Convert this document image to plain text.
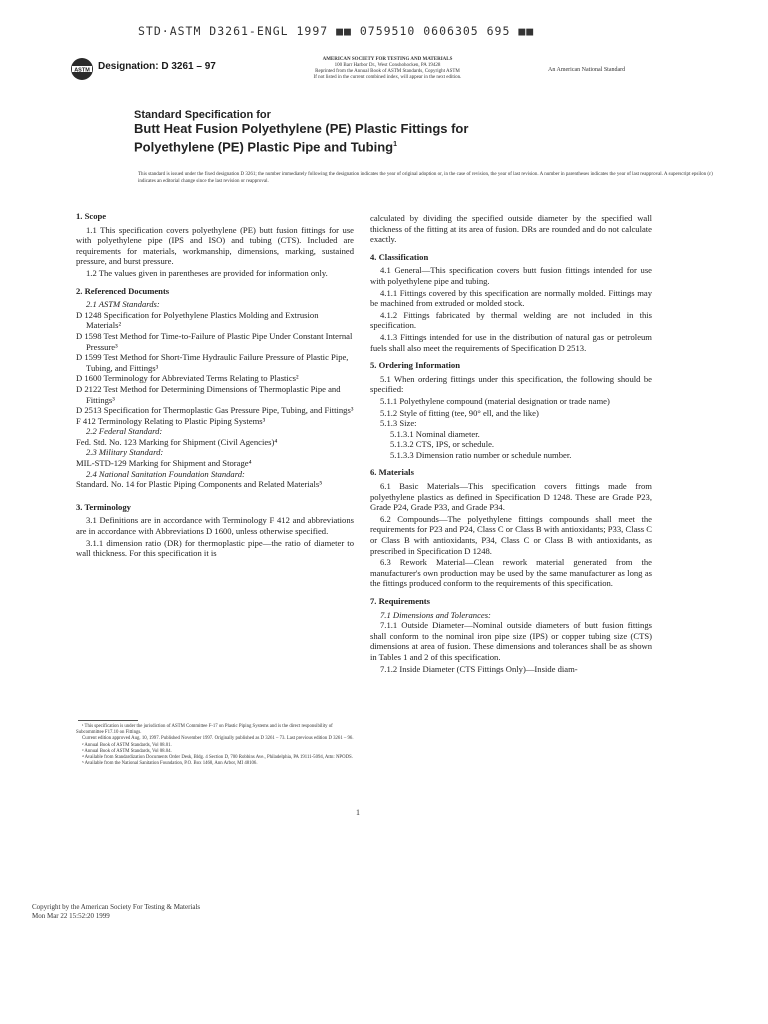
STD·ASTM D3261-ENGL 1997 ■■ 0759510 0606305 695 ■■
ASTM Designation: D 3261 – 97
AMERICAN SOCIETY FOR TESTING AND MATERIALS
100 Barr Harbor Dr., West Conshohocken, PA 19428
Reprinted from the Annual Book of ASTM Standards, Copyright ASTM
If not listed in the current combined index, will appear in the next edition.
An American National Standard
Standard Specification for
Butt Heat Fusion Polyethylene (PE) Plastic Fittings for
Polyethylene (PE) Plastic Pipe and Tubing$^1$
This standard is issued under the fixed designation D 3261; the number immediately following the designation indicates the year of original adoption or, in the case of revision, the year of last revision. A number in parentheses indicates the year of last reapproval. A superscript epsilon (ε) indicates an editorial change since the last revision or reapproval.
1. Scope

1.1 This specification covers polyethylene (PE) butt fusion fittings for use with polyethylene pipe (IPS and ISO) and tubing (CTS). Included are requirements for materials, workmanship, dimensions, marking, sustained pressure, and burst pressure.

1.2 The values given in parentheses are provided for information only.

2. Referenced Documents
2.1 ASTM Standards:
D 1248 Specification for Polyethylene Plastics Molding and Extrusion Materials²
D 1598 Test Method for Time-to-Failure of Plastic Pipe Under Constant Internal Pressure³
D 1599 Test Method for Short-Time Hydraulic Failure Pressure of Plastic Pipe, Tubing, and Fittings³
D 1600 Terminology for Abbreviated Terms Relating to Plastics²
D 2122 Test Method for Determining Dimensions of Thermoplastic Pipe and Fittings³
D 2513 Specification for Thermoplastic Gas Pressure Pipe, Tubing, and Fittings³
F 412 Terminology Relating to Plastic Piping Systems³
2.2 Federal Standard:
Fed. Std. No. 123 Marking for Shipment (Civil Agencies)⁴
2.3 Military Standard:
MIL-STD-129 Marking for Shipment and Storage⁴
2.4 National Sanitation Foundation Standard:
Standard. No. 14 for Plastic Piping Components and Related Materials⁵
3. Terminology

3.1 Definitions are in accordance with Terminology F 412 and abbreviations are in accordance with Abbreviations D 1600, unless otherwise specified.

3.1.1 dimension ratio (DR) for thermoplastic pipe—the ratio of diameter to wall thickness. For this specification it is

calculated by dividing the specified outside diameter by the specified wall thickness of the fitting at its area of fusion. DRs are rounded and do not calculate exactly.

4. Classification

4.1 General—This specification covers butt fusion fittings intended for use with polyethylene pipe and tubing.

4.1.1 Fittings covered by this specification are normally molded. Fittings may be machined from extruded or molded stock.

4.1.2 Fittings fabricated by thermal welding are not included in this specification.

4.1.3 Fittings intended for use in the distribution of natural gas or petroleum fuels shall also meet the requirements of Specification D 2513.

5. Ordering Information

5.1 When ordering fittings under this specification, the following should be specified:

5.1.1 Polyethylene compound (material designation or trade name)

5.1.2 Style of fitting (tee, 90° ell, and the like)
5.1.3 Size:
5.1.3.1 Nominal diameter.
5.1.3.2 CTS, IPS, or schedule.
5.1.3.3 Dimension ratio number or schedule number.
6. Materials

6.1 Basic Materials—This specification covers fittings made from polyethylene plastics as defined in Specification D 1248. These are Grade P23, Grade P24, Grade P33, and Grade P34.

6.2 Compounds—The polyethylene fittings compounds shall meet the requirements for P23 and P24, Class C or Class B with antioxidants; P33, Class C or Class B with antioxidants, P34, Class C or Class B with antioxidants, as prescribed in Specification D 1248.

6.3 Rework Material—Clean rework material generated from the manufacturer's own production may be used by the same manufacturer as long as the fittings produced conform to the requirements of this specification.

7. Requirements
7.1 Dimensions and Tolerances:

7.1.1 Outside Diameter—Nominal outside diameters of butt fusion fittings shall conform to the nominal iron pipe size (IPS) or copper tubing size (CTS) dimensions at area of fusion. These dimensions and tolerances shall be as shown in Tables 1 and 2 of this specification.

7.1.2 Inside Diameter (CTS Fittings Only)—Inside diam-

¹ This specification is under the jurisdiction of ASTM Committee F-17 on Plastic Piping Systems and is the direct responsibility of Subcommittee F17.10 on Fittings.

Current edition approved Aug. 10, 1997. Published November 1997. Originally published as D 3261 – 73. Last previous edition D 3261 – 96.

² Annual Book of ASTM Standards, Vol 08.01.

³ Annual Book of ASTM Standards, Vol 08.04.

⁴ Available from Standardization Documents Order Desk, Bldg. 4 Section D, 700 Robbins Ave., Philadelphia, PA 19111-5094, Attn: NPODS.

⁵ Available from the National Sanitation Foundation, P.O. Box 1468, Ann Arbor, MI 48106.

1
Copyright by the American Society For Testing & Materials
Mon Mar 22 15:52:20 1999
